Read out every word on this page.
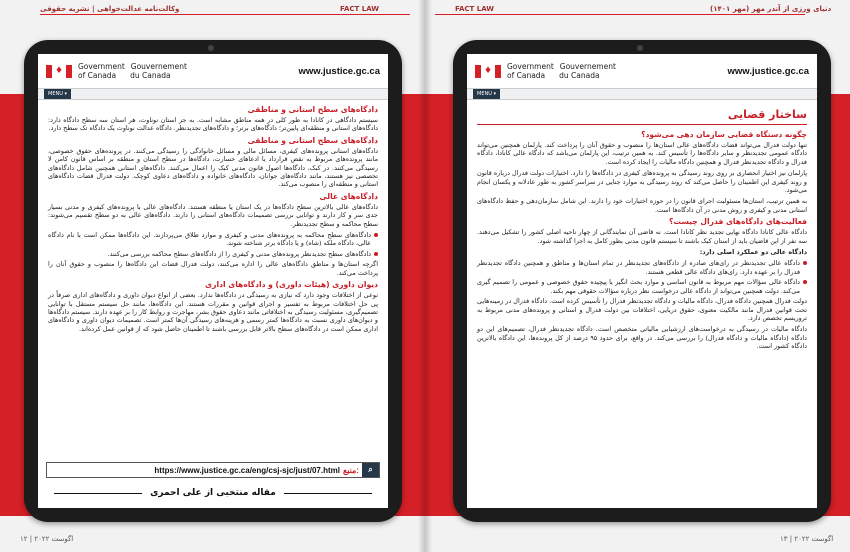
وکالت‌نامه عدالت‌خواهی | نشریه حقوقی	FACT LAW
۱۲ | اگوست ۲۰۲۲
♦	Government Gouvernement
of Canada du Canada	www.justice.gc.ca
MENU ▾
دادگاه‌های سطح استانی و مناطقی
سیستم دادگاهی در کانادا به طور کلی در همه مناطق مشابه است. به جز استان نوناوت، هر استان سه سطح دادگاه دارد: دادگاه‌های استانی و منطقه‌ای پایین‌تر؛ دادگاه‌های برتر؛ و دادگاه‌های تجدیدنظر. دادگاه عدالت نوناوت یک دادگاه تک سطح دارد.
دادگاه‌های سطح استانی و مناطقی
دادگاه‌های استانی پرونده‌های کیفری، مسائل مالی و مسائل خانوادگی را رسیدگی می‌کنند. در پرونده‌های حقوق خصوصی، مانند پرونده‌های مربوط به نقض قرارداد یا ادعاهای خسارت، دادگاه‌ها در سطح استان و منطقه بر اساس قانون کامن لا رسیدگی می‌کنند. در کبک، دادگاه‌ها اصول قانون مدنی کبک را اعمال می‌کنند. دادگاه‌های استانی همچنین شامل دادگاه‌های تخصصی نیز هستند، مانند دادگاه‌های جوانان، دادگاه‌های خانواده و دادگاه‌های دعاوی کوچک. دولت فدرال قضات دادگاه‌های استانی و منطقه‌ای را منصوب می‌کند.
دادگاه‌های عالی
دادگاه‌های عالی بالاترین سطح دادگاه‌ها در یک استان یا منطقه هستند. دادگاه‌های عالی با پرونده‌های کیفری و مدنی بسیار جدی سر و کار دارند و توانایی بررسی تصمیمات دادگاه‌های استانی را دارند. دادگاه‌های عالی به دو سطح تقسیم می‌شوند: سطح محاکمه و سطح تجدیدنظر.
دادگاه‌های سطح محاکمه به پرونده‌های مدنی و کیفری و موارد طلاق می‌پردازند. این دادگاه‌ها ممکن است با نام دادگاه عالی، دادگاه ملکه (شاه) و یا دادگاه برتر شناخته شوند.
دادگاه‌های سطح تجدیدنظر پرونده‌های مدنی و کیفری را از دادگاه‌های سطح محاکمه بررسی می‌کنند.
اگرچه استان‌ها و مناطق دادگاه‌های عالی را اداره می‌کنند، دولت فدرال قضات این دادگاه‌ها را منصوب و حقوق آنان را پرداخت می‌کند.
دیوان داوری (هیئات داوری) و دادگاه‌های اداری
نوعی از اختلافات وجود دارد که نیازی به رسیدگی در دادگاه‌ها ندارد. بعضی از انواع دیوان داوری و دادگاه‌های اداری صرفاً در پی حل اختلافات مربوط به تفسیر و اجرای قوانین و مقررات هستند. این دادگاه‌ها، مانند حل سیستم مستقل با توانایی تصمیم‌گیری، مسئولیت رسیدگی به اختلافاتی مانند دعاوی حقوق بشر، مهاجرت و روابط کار را بر عهده دارند. سیستم دادگاه‌ها و دیوان‌های داوری نسبت به دادگاه‌ها کمتر رسمی و هزینه‌های رسیدگی آن‌ها کمتر است. تصمیمات دیوان داوری و دادگاه‌های اداری ممکن است در دادگاه‌های سطح بالاتر قابل بررسی باشند تا اطمینان حاصل شود که از قوانین عمل کرده‌اند.
https://www.justice.gc.ca/eng/csj-sjc/just/07.html منبع:	⌕
مقاله منتخبی از علی احمری
FACT LAW	دنیای ورزی از آندر مهر (مهر ۱۴۰۱)
اگوست ۲۰۲۲ | ۱۳
♦	Government Gouvernement
of Canada du Canada	www.justice.gc.ca
MENU ▾
ساختار قضایی
چگونه دستگاه قضایی سازمان دهی می‌شود؟
تنها دولت فدرال می‌تواند قضات دادگاه‌های عالی استان‌ها را منصوب و حقوق آنان را پرداخت کند. پارلمان همچنین می‌تواند دادگاه عمومی تجدیدنظر و سایر دادگاه‌ها را تأسیس کند. به همین ترتیب، این پارلمان می‌باشد که دادگاه عالی کانادا، دادگاه فدرال و دادگاه تجدیدنظر فدرال و همچنین دادگاه مالیات را ایجاد کرده است.
پارلمان نیز اختیار انحصاری بر روی روند رسیدگی به پرونده‌های کیفری در دادگاه‌ها را دارد. اختیارات دولت فدرال درباره قانون و روند کیفری این اطمینان را حاصل می‌کند که روند رسیدگی به موارد جنایی در سراسر کشور به طور عادلانه و یکسان انجام می‌شود.
به همین ترتیب، استان‌ها مسئولیت اجرای قانون را در حوزه اختیارات خود را دارند. این شامل سازمان‌دهی و حفظ دادگاه‌های استانی مدنی و کیفری و روش مدنی در آن دادگاه‌ها است.
فعالیت‌های دادگاه‌های فدرال چیست؟
دادگاه عالی کانادا دادگاه نهایی تجدید نظر کانادا است. نه قاضی آن نمایندگانی از چهار ناحیه اصلی کشور را تشکیل می‌دهند. سه نفر از این قاضیان باید از استان کبک باشند تا سیستم قانون مدنی بطور کامل به اجرا گذاشته شود.
دادگاه عالی دو عملکرد اصلی دارد:
دادگاه عالی تجدیدنظر در رای‌های صادره از دادگاه‌های تجدیدنظر در تمام استان‌ها و مناطق و همچنین دادگاه تجدیدنظر فدرال را بر عهده دارد. رای‌های دادگاه عالی قطعی هستند.
دادگاه عالی سؤالات مهم مربوط به قانون اساسی و موارد بحث انگیز یا پیچیده حقوق خصوصی و عمومی را تصمیم گیری می‌کند. دولت همچنین می‌تواند از دادگاه عالی درخواست نظر درباره سؤالات حقوقی مهم بکند.
دولت فدرال همچنین دادگاه فدرال، دادگاه مالیات و دادگاه تجدیدنظر فدرال را تأسیس کرده است. دادگاه فدرال در زمینه‌هایی تحت قوانین فدرال مانند مالکیت معنوی، حقوق دریایی، اختلافات بین دولت فدرال و استانی و پرونده‌های مدنی مربوط به تروریسم تخصص دارد.
دادگاه مالیات در رسیدگی به درخواست‌های ارزشیابی مالیاتی متخصص است. دادگاه تجدیدنظر فدرال، تصمیم‌های این دو دادگاه (دادگاه مالیات و دادگاه فدرال) را بررسی می‌کند. در واقع، برای حدود ۹۵ درصد از کل پرونده‌ها، این دادگاه بالاترین دادگاه کشور است.
